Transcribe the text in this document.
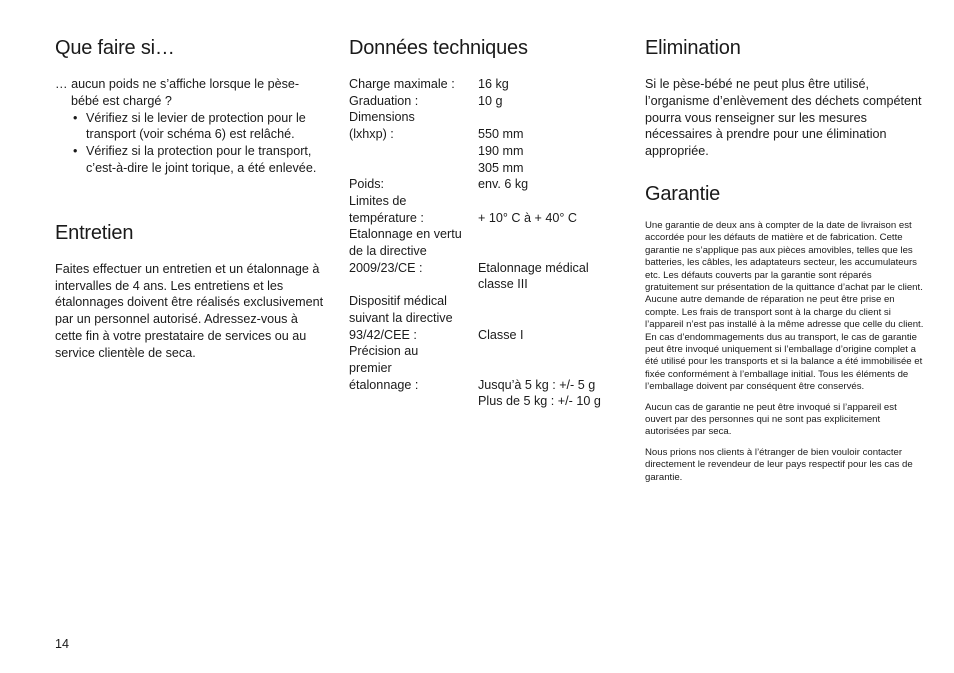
Que faire si…

… aucun poids ne s’affiche lorsque le pèse-bébé est chargé ?

• Vérifiez si le levier de protection pour le transport (voir schéma 6) est relâché.
• Vérifiez si la protection pour le transport, c’est-à-dire le joint torique, a été enlevée.
Entretien

Faites effectuer un entretien et un étalonnage à intervalles de 4 ans. Les entretiens et les étalonnages doivent être réalisés exclusivement par un personnel autorisé. Adressez-vous à cette fin à votre prestataire de services ou au service clientèle de seca.

Données techniques
Charge maximale :	16 kg
Graduation :	10 g
Dimensions	
(lxhxp) :	550 mm
	190 mm
	305 mm
Poids:	env. 6 kg
Limites de	
température :	+ 10° C à + 40° C
Etalonnage en vertu	
de la directive	
2009/23/CE :	Etalonnage médical
	classe III
Dispositif médical	
suivant la directive	
93/42/CEE :	Classe I
Précision au	
premier	
étalonnage :	Jusqu’à 5 kg : +/- 5 g
	Plus de 5 kg : +/- 10 g
Elimination

Si le pèse-bébé ne peut plus être utilisé, l’organisme d’enlèvement des déchets compétent pourra vous renseigner sur les mesures nécessaires à prendre pour une élimination appropriée.

Garantie

Une garantie de deux ans à compter de la date de livraison est accordée pour les défauts de matière et de fabrication. Cette garantie ne s’applique pas aux pièces amovibles, telles que les batteries, les câbles, les adaptateurs secteur, les accumulateurs etc. Les défauts couverts par la garantie sont réparés gratuitement sur présentation de la quittance d’achat par le client. Aucune autre demande de réparation ne peut être prise en compte. Les frais de transport sont à la charge du client si l’appareil n’est pas installé à la même adresse que celle du client. En cas d’endommagements dus au transport, le cas de garantie peut être invoqué uniquement si l’emballage d’origine complet a été utilisé pour les transports et si la balance a été immobilisée et fixée conformément à l’emballage initial. Tous les éléments de l’emballage doivent par conséquent être conservés.

Aucun cas de garantie ne peut être invoqué si l’appareil est ouvert par des personnes qui ne sont pas explicitement autorisées par seca.

Nous prions nos clients à l’étranger de bien vouloir contacter directement le revendeur de leur pays respectif pour les cas de garantie.

14
